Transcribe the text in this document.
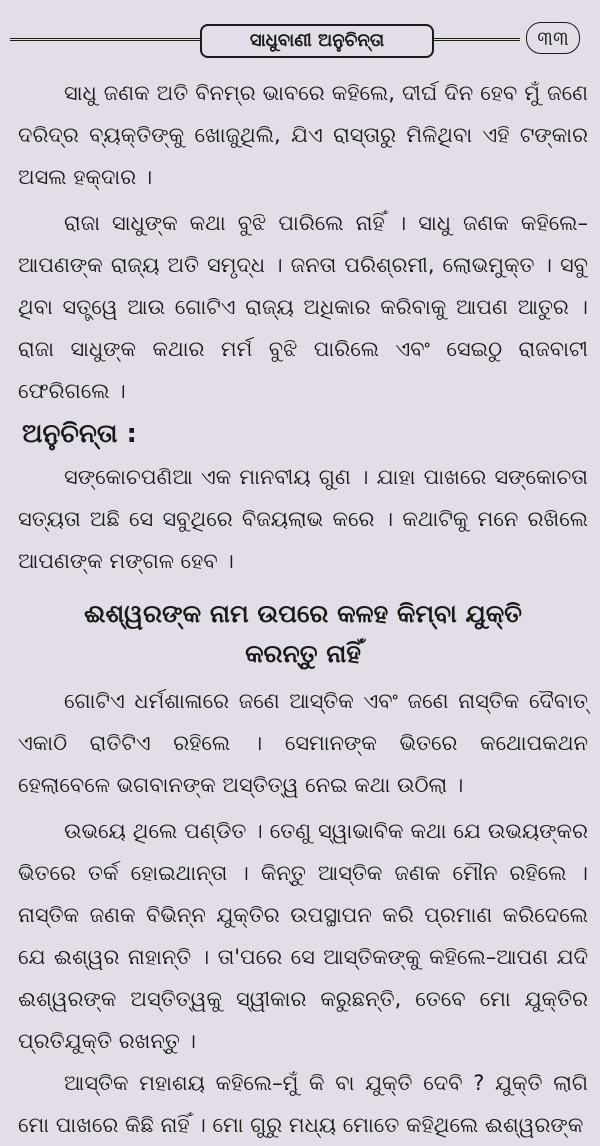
ସାଧୁବାଣୀ ଅନୁଚିନ୍ତା	୩୩

ସାଧୁ ଜଣକ ଅତି ବିନମ୍ର ଭାବରେ କହିଲେ, ଦୀର୍ଘ ଦିନ ହେବ ମୁଁ ଜଣେ ଦରିଦ୍ର ବ୍ୟକ୍ତିଙ୍କୁ ଖୋଜୁଥିଲି, ଯିଏ ରାସ୍ତାରୁ ମିଳିଥିବା ଏହି ଟଙ୍କାର ଅସଲ ହକ୍‌ଦାର ।

ରାଜା ସାଧୁଙ୍କ କଥା ବୁଝି ପାରିଲେ ନାହିଁ । ସାଧୁ ଜଣକ କହିଲେ– ଆପଣଙ୍କ ରାଜ୍ୟ ଅତି ସମୃଦ୍ଧ । ଜନତା ପରିଶ୍ରମୀ, ଲୋଭମୁକ୍ତ । ସବୁ ଥିବା ସତ୍ତ୍ୱେ ଆଉ ଗୋଟିଏ ରାଜ୍ୟ ଅଧିକାର କରିବାକୁ ଆପଣ ଆତୁର । ରାଜା ସାଧୁଙ୍କ କଥାର ମର୍ମ ବୁଝି ପାରିଲେ ଏବଂ ସେଇଠୁ ରାଜବାଟୀ ଫେରିଗଲେ ।

ଅନୁଚିନ୍ତା :

ସଙ୍କୋଚପଣିଆ ଏକ ମାନବୀୟ ଗୁଣ । ଯାହା ପାଖରେ ସଙ୍କୋଚତା ସତ୍ୟତା ଅଛି ସେ ସବୁଥିରେ ବିଜୟଲାଭ କରେ । କଥାଟିକୁ ମନେ ରଖିଲେ ଆପଣଙ୍କ ମଙ୍ଗଳ ହେବ ।

ଈଶ୍ୱରଙ୍କ ନାମ ଉପରେ କଳହ କିମ୍ବା ଯୁକ୍ତି
କରନ୍ତୁ ନାହିଁ

ଗୋଟିଏ ଧର୍ମଶାଳାରେ ଜଣେ ଆସ୍ତିକ ଏବଂ ଜଣେ ନାସ୍ତିକ ଦୈବାତ୍ ଏକାଠି ରାତିଟିଏ ରହିଲେ । ସେମାନଙ୍କ ଭିତରେ କଥୋପକଥନ ହେଲାବେଳେ ଭଗବାନଙ୍କ ଅସ୍ତିତ୍ୱ ନେଇ କଥା ଉଠିଲା ।

ଉଭୟେ ଥିଲେ ପଣ୍ଡିତ । ତେଣୁ ସ୍ୱାଭାବିକ କଥା ଯେ ଉଭୟଙ୍କର ଭିତରେ ତର୍କ ହୋଇଥାନ୍ତା । କିନ୍ତୁ ଆସ୍ତିକ ଜଣକ ମୌନ ରହିଲେ । ନାସ୍ତିକ ଜଣକ ବିଭିନ୍ନ ଯୁକ୍ତିର ଉପସ୍ଥାପନ କରି ପ୍ରମାଣ କରିଦେଲେ ଯେ ଈଶ୍ୱର ନାହାନ୍ତି । ତା'ପରେ ସେ ଆସ୍ତିକଙ୍କୁ କହିଲେ–ଆପଣ ଯଦି ଈଶ୍ୱରଙ୍କ ଅସ୍ତିତ୍ୱକୁ ସ୍ୱୀକାର କରୁଛନ୍ତି, ତେବେ ମୋ ଯୁକ୍ତିର ପ୍ରତିଯୁକ୍ତି ରଖନ୍ତୁ ।

ଆସ୍ତିକ ମହାଶୟ କହିଲେ–ମୁଁ କି ବା ଯୁକ୍ତି ଦେବି ? ଯୁକ୍ତି ଲାଗି ମୋ ପାଖରେ କିଛି ନାହିଁ । ମୋ ଗୁରୁ ମଧ୍ୟ ମୋତେ କହିଥିଲେ ଈଶ୍ୱରଙ୍କ
